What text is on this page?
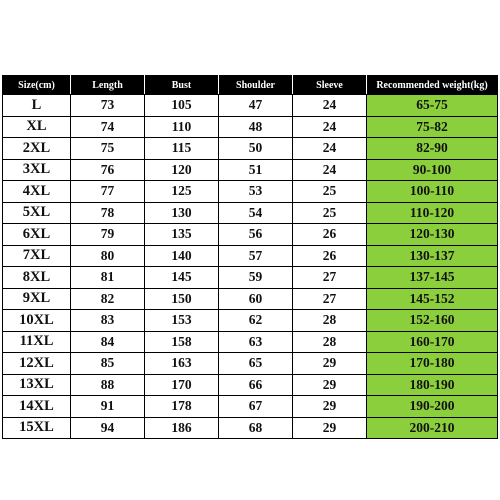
Size(cm)	Length	Bust	Shoulder	Sleeve	Recommended weight(kg)
L	73	105	47	24	65-75
XL	74	110	48	24	75-82
2XL	75	115	50	24	82-90
3XL	76	120	51	24	90-100
4XL	77	125	53	25	100-110
5XL	78	130	54	25	110-120
6XL	79	135	56	26	120-130
7XL	80	140	57	26	130-137
8XL	81	145	59	27	137-145
9XL	82	150	60	27	145-152
10XL	83	153	62	28	152-160
11XL	84	158	63	28	160-170
12XL	85	163	65	29	170-180
13XL	88	170	66	29	180-190
14XL	91	178	67	29	190-200
15XL	94	186	68	29	200-210
